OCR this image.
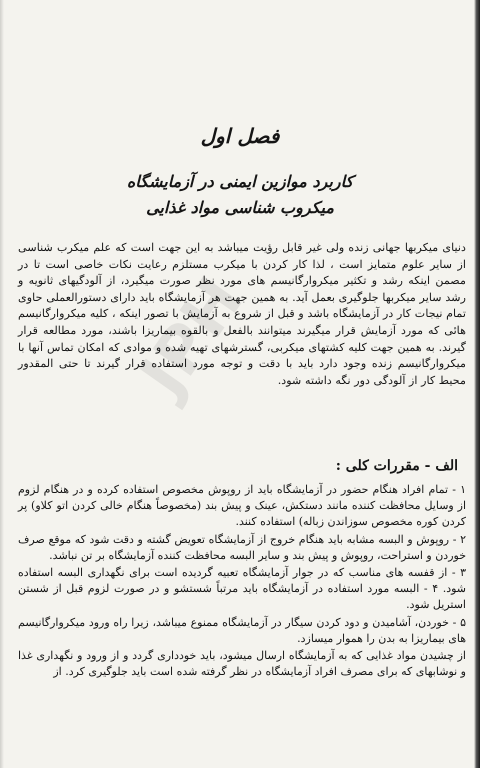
JPH
فصل اول
کاربرد موازین ایمنی در آزمایشگاه
میکروب شناسی مواد غذایی
دنیای میکربها جهانی زنده ولی غیر قابل رؤیت میباشد به این جهت است که علم میکرب شناسی از سایر علوم متمایز است ، لذا کار کردن با میکرب مستلزم رعایت نکات خاصی است تا در مصمن اینکه رشد و تکثیر میکروارگانیسم های مورد نظر صورت میگیرد، از آلودگیهای ثانویه و رشد سایر میکربها جلوگیری بعمل آید. به همین جهت هر آزمایشگاه باید دارای دستورالعملی حاوی تمام نیجات کار در آزمایشگاه باشد و قبل از شروع به آزمایش با تصور اینکه ، کلیه میکروارگانیسم هائی که مورد آزمایش قرار میگیرند میتوانند بالفعل و بالقوه بیماریزا باشند، مورد مطالعه قرار گیرند. به همین جهت کلیه کشتهای میکربی، گسترشهای تهیه شده و موادی که امکان تماس آنها با میکروارگانیسم زنده وجود دارد باید با دقت و توجه مورد استفاده قرار گیرند تا حتی المقدور محیط کار از آلودگی دور نگه داشته شود.
الف - مقررات کلی :

۱ - تمام افراد هنگام حضور در آزمایشگاه باید از روپوش مخصوص استفاده کرده و در هنگام لزوم از وسایل محافظت کننده مانند دستکش، عینک و پیش بند (مخصوصاً هنگام خالی کردن اتو کلاو) پر کردن کوره مخصوص سوزاندن زباله) استفاده کنند.

۲ - روپوش و البسه مشابه باید هنگام خروج از آزمایشگاه تعویض گشته و دقت شود که موقع صرف خوردن و استراحت، روپوش و پیش بند و سایر البسه محافظت کننده آزمایشگاه بر تن نباشد.

۳ - از قفسه های مناسب که در جوار آزمایشگاه تعبیه گردیده است برای نگهداری البسه استفاده شود. ۴ - البسه مورد استفاده در آزمایشگاه باید مرتباً شستشو و در صورت لزوم قبل از شستن استریل شود.

۵ - خوردن، آشامیدن و دود کردن سیگار در آزمایشگاه ممنوع میباشد، زیرا راه ورود میکروارگانیسم های بیماریزا به بدن را هموار میسازد.

از چشیدن مواد غذایی که به آزمایشگاه ارسال میشود، باید خودداری گردد و از ورود و نگهداری غذا و نوشابهای که برای مصرف افراد آزمایشگاه در نظر گرفته شده است باید جلوگیری کرد. از
